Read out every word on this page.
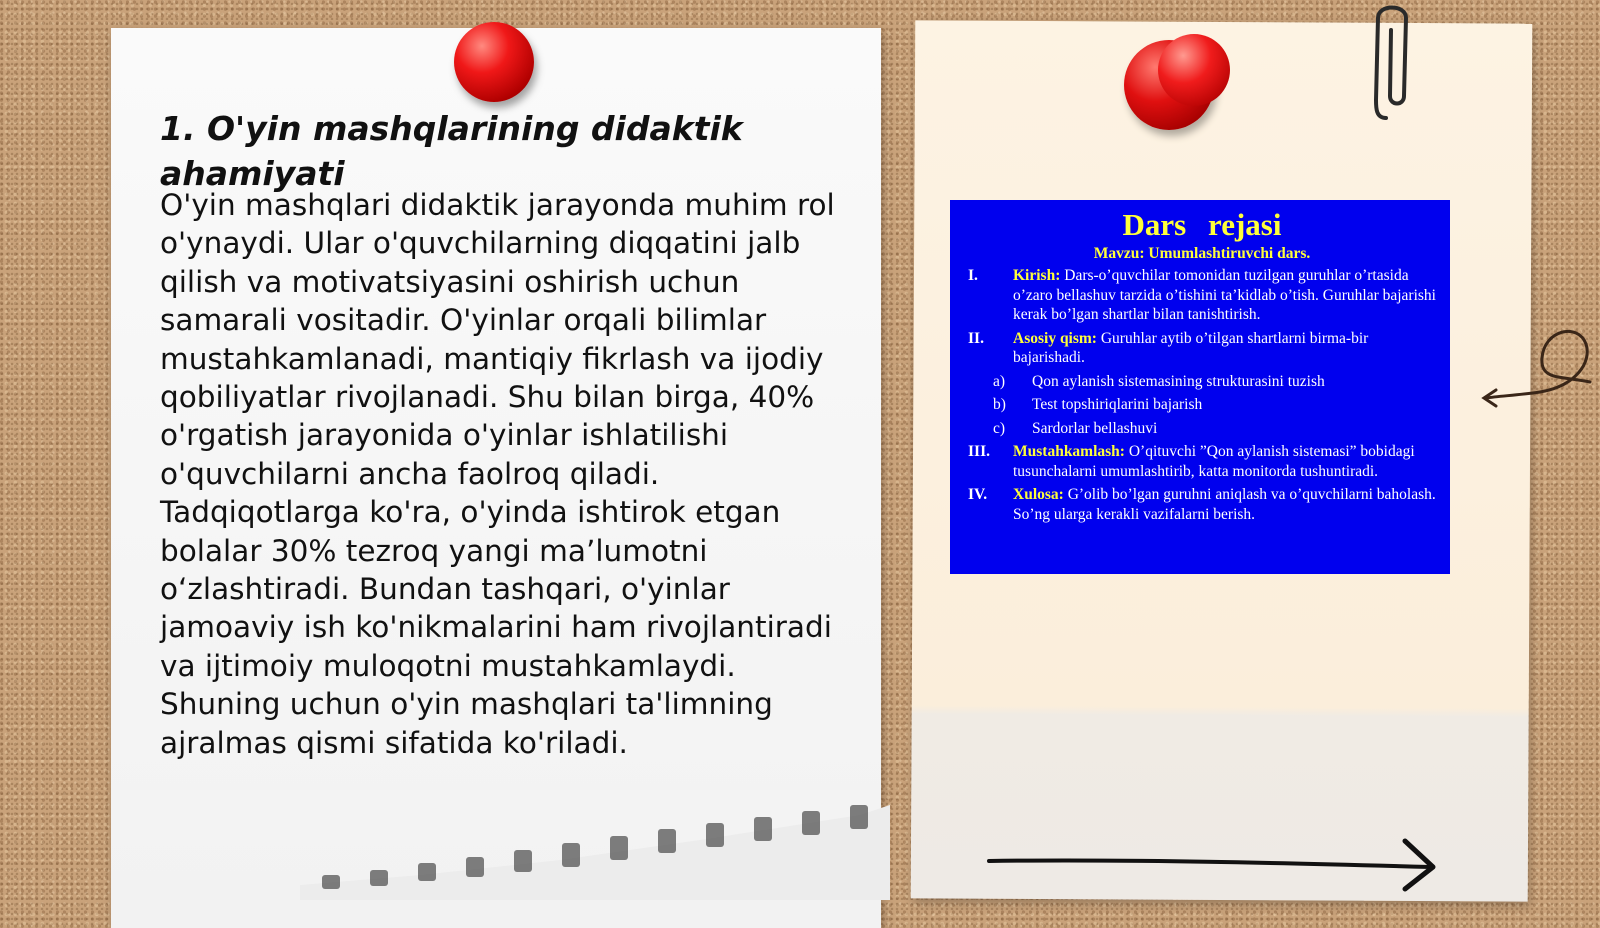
1. O'yin mashqlarining didaktik ahamiyati

O'yin mashqlari didaktik jarayonda muhim rol o'ynaydi. Ular o'quvchilarning diqqatini jalb qilish va motivatsiyasini oshirish uchun samarali vositadir. O'yinlar orqali bilimlar mustahkamlanadi, mantiqiy fikrlash va ijodiy qobiliyatlar rivojlanadi. Shu bilan birga, 40% o'rgatish jarayonida o'yinlar ishlatilishi o'quvchilarni ancha faolroq qiladi. Tadqiqotlarga ko'ra, o'yinda ishtirok etgan bolalar 30% tezroq yangi ma’lumotni o‘zlashtiradi. Bundan tashqari, o'yinlar jamoaviy ish ko'nikmalarini ham rivojlantiradi va ijtimoiy muloqotni mustahkamlaydi. Shuning uchun o'yin mashqlari ta'limning ajralmas qismi sifatida ko'riladi.

Dars rejasi

Mavzu: Umumlashtiruvchi dars.

I.	Kirish: Dars-o’quvchilar tomonidan tuzilgan guruhlar o’rtasida o’zaro bellashuv tarzida o’tishini ta’kidlab o’tish. Guruhlar bajarishi kerak bo’lgan shartlar bilan tanishtirish.
II.	Asosiy qism: Guruhlar aytib o’tilgan shartlarni birma-bir bajarishadi.
a)	Qon aylanish sistemasining strukturasini tuzish
b)	Test topshiriqlarini bajarish
c)	Sardorlar bellashuvi
III.	Mustahkamlash: O’qituvchi ”Qon aylanish sistemasi” bobidagi tusunchalarni umumlashtirib, katta monitorda tushuntiradi.
IV.	Xulosa: G’olib bo’lgan guruhni aniqlash va o’quvchilarni baholash. So’ng ularga kerakli vazifalarni berish.
